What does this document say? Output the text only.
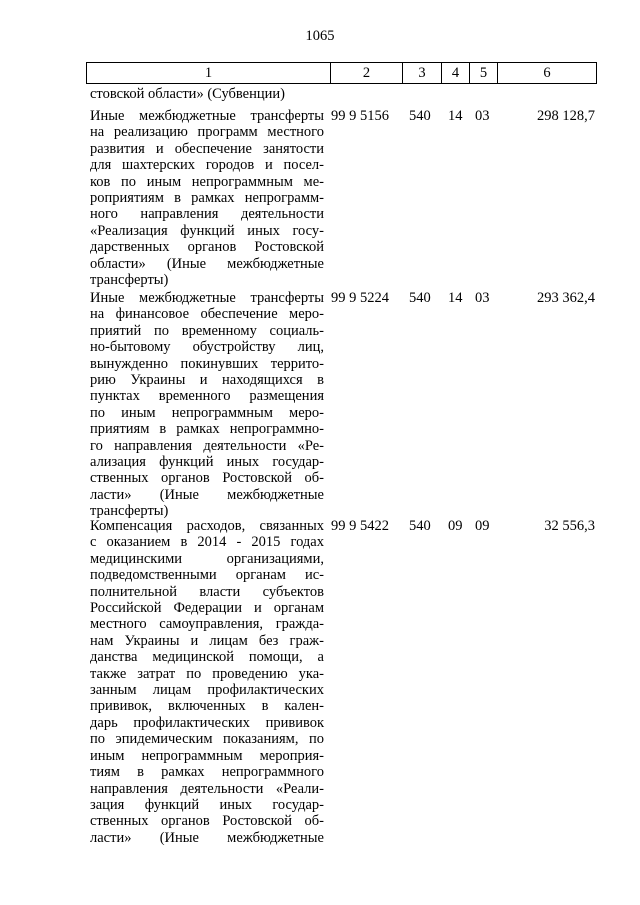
1065
1	2	3	4	5	6
стовской области» (Субвенции)
Иные межбюджетные трансферты
на реализацию программ местного
развития и обеспечение занятости
для шахтерских городов и посел-
ков по иным непрограммным ме-
роприятиям в рамках непрограмм-
ного направления деятельности
«Реализация функций иных госу-
дарственных органов Ростовской
области» (Иные межбюджетные
трансферты)
99 9 5156	540	14 03	298 128,7
Иные межбюджетные трансферты
на финансовое обеспечение меро-
приятий по временному социаль-
но-бытовому обустройству лиц,
вынужденно покинувших террито-
рию Украины и находящихся в
пунктах временного размещения
по иным непрограммным меро-
приятиям в рамках непрограммно-
го направления деятельности «Ре-
ализация функций иных государ-
ственных органов Ростовской об-
ласти» (Иные межбюджетные
трансферты)
99 9 5224	540	14 03	293 362,4
Компенсация расходов, связанных
с оказанием в 2014 - 2015 годах
медицинскими организациями,
подведомственными органам ис-
полнительной власти субъектов
Российской Федерации и органам
местного самоуправления, гражда-
нам Украины и лицам без граж-
данства медицинской помощи, а
также затрат по проведению ука-
занным лицам профилактических
прививок, включенных в кален-
дарь профилактических прививок
по эпидемическим показаниям, по
иным непрограммным мероприя-
тиям в рамках непрограммного
направления деятельности «Реали-
зация функций иных государ-
ственных органов Ростовской об-
ласти» (Иные межбюджетные
99 9 5422	540	09 09	32 556,3
